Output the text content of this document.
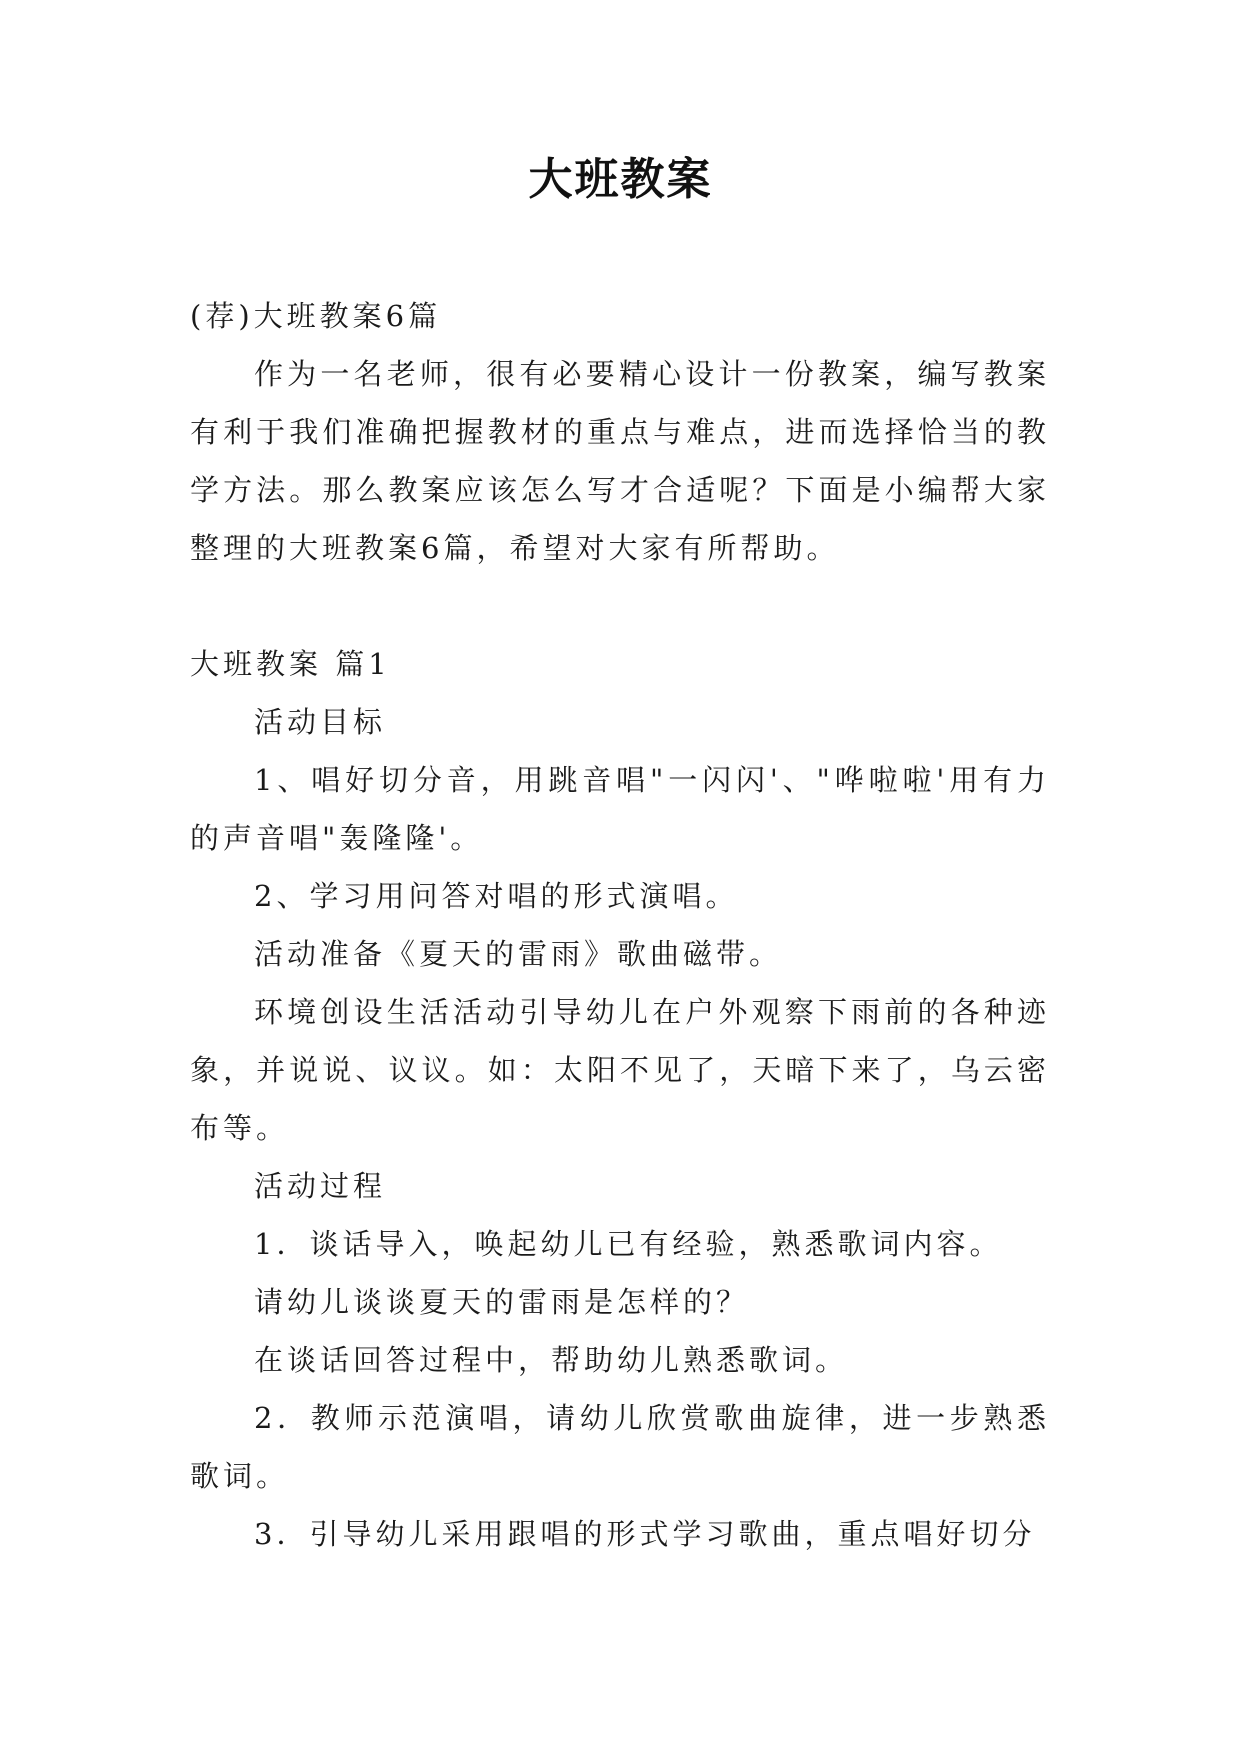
大班教案

(荐)大班教案6篇

作为一名老师，很有必要精心设计一份教案，编写教案有利于我们准确把握教材的重点与难点，进而选择恰当的教学方法。那么教案应该怎么写才合适呢？下面是小编帮大家整理的大班教案6篇，希望对大家有所帮助。

大班教案 篇1

活动目标

1、唱好切分音，用跳音唱"一闪闪'、"哗啦啦'用有力的声音唱"轰隆隆'。

2、学习用问答对唱的形式演唱。

活动准备《夏天的雷雨》歌曲磁带。

环境创设生活活动引导幼儿在户外观察下雨前的各种迹象，并说说、议议。如：太阳不见了，天暗下来了，乌云密布等。

活动过程

1．谈话导入，唤起幼儿已有经验，熟悉歌词内容。

请幼儿谈谈夏天的雷雨是怎样的？

在谈话回答过程中，帮助幼儿熟悉歌词。

2．教师示范演唱，请幼儿欣赏歌曲旋律，进一步熟悉歌词。

3．引导幼儿采用跟唱的形式学习歌曲，重点唱好切分
